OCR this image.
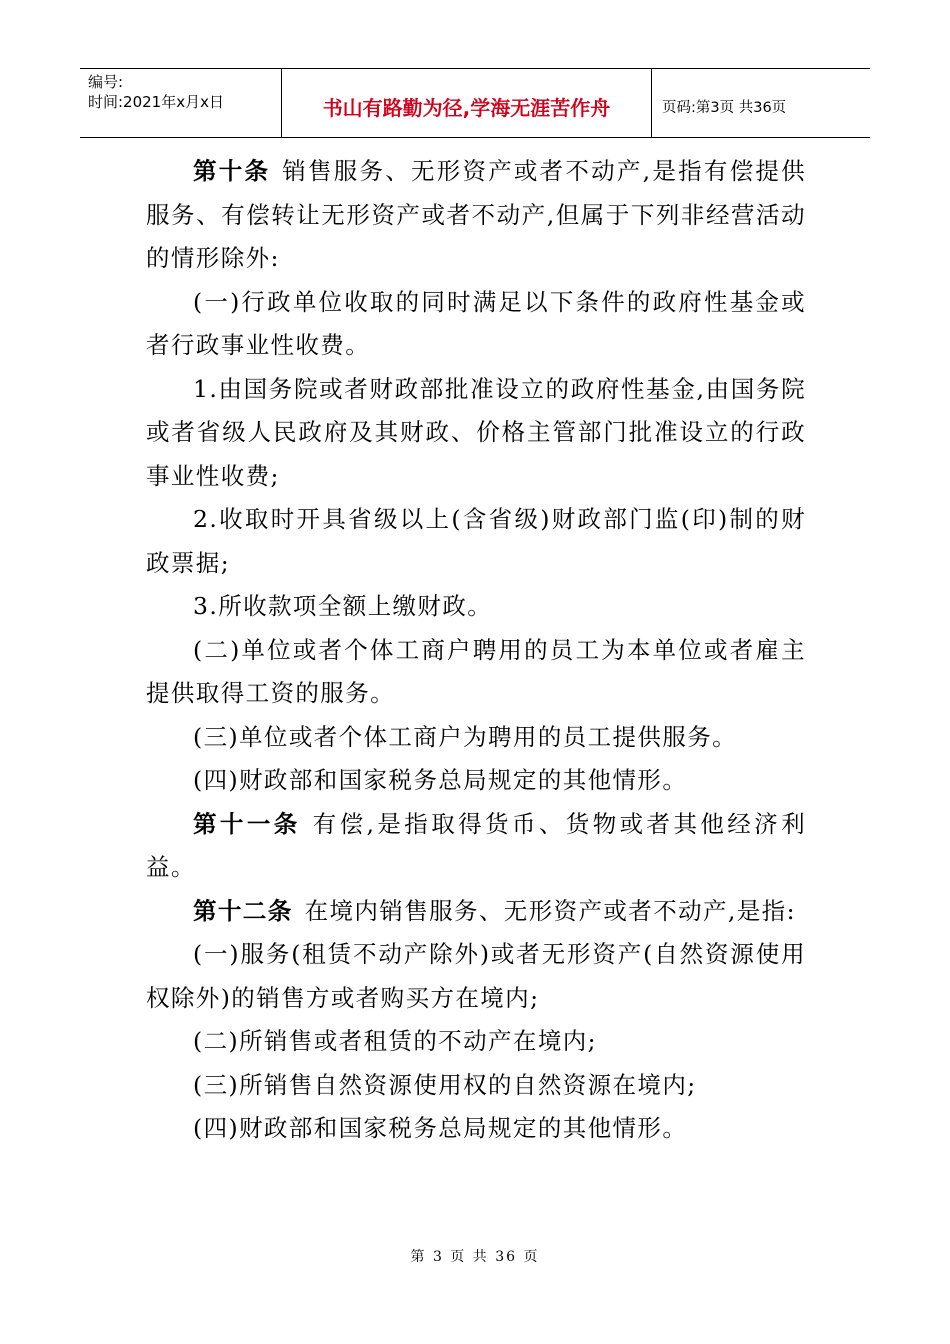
编号:
时间:2021年x月x日	书山有路勤为径,学海无涯苦作舟	页码:第3页 共36页

第十条 销售服务、无形资产或者不动产,是指有偿提供服务、有偿转让无形资产或者不动产,但属于下列非经营活动的情形除外:

(一)行政单位收取的同时满足以下条件的政府性基金或者行政事业性收费。

1.由国务院或者财政部批准设立的政府性基金,由国务院或者省级人民政府及其财政、价格主管部门批准设立的行政事业性收费;

2.收取时开具省级以上(含省级)财政部门监(印)制的财政票据;

3.所收款项全额上缴财政。

(二)单位或者个体工商户聘用的员工为本单位或者雇主提供取得工资的服务。

(三)单位或者个体工商户为聘用的员工提供服务。

(四)财政部和国家税务总局规定的其他情形。

第十一条 有偿,是指取得货币、货物或者其他经济利益。

第十二条 在境内销售服务、无形资产或者不动产,是指:

(一)服务(租赁不动产除外)或者无形资产(自然资源使用权除外)的销售方或者购买方在境内;

(二)所销售或者租赁的不动产在境内;

(三)所销售自然资源使用权的自然资源在境内;

(四)财政部和国家税务总局规定的其他情形。

第 3 页 共 36 页
